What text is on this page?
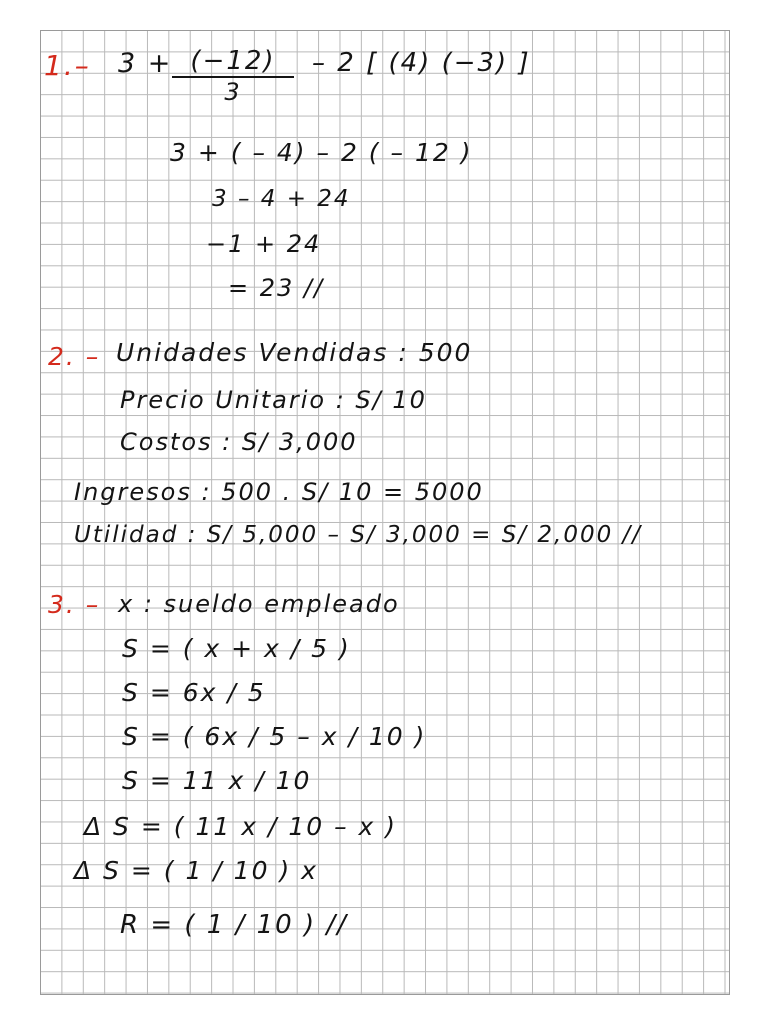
1.– 3 + (−12)
3
– 2 [ (4) (−3) ]
3 + ( – 4) – 2 ( – 12 )
3 – 4 + 24
−1 + 24
= 23 //
2. – Unidades Vendidas : 500
Precio Unitario : S/ 10
Costos : S/ 3,000
Ingresos : 500 . S/ 10 = 5000
Utilidad : S/ 5,000 – S/ 3,000 = S/ 2,000 //
3. – x : sueldo empleado
S = ( x + x / 5 )
S = 6x / 5
S = ( 6x / 5 – x / 10 )
S = 11 x / 10
Δ S = ( 11 x / 10 – x )
Δ S = ( 1 / 10 ) x
R = ( 1 / 10 ) //
